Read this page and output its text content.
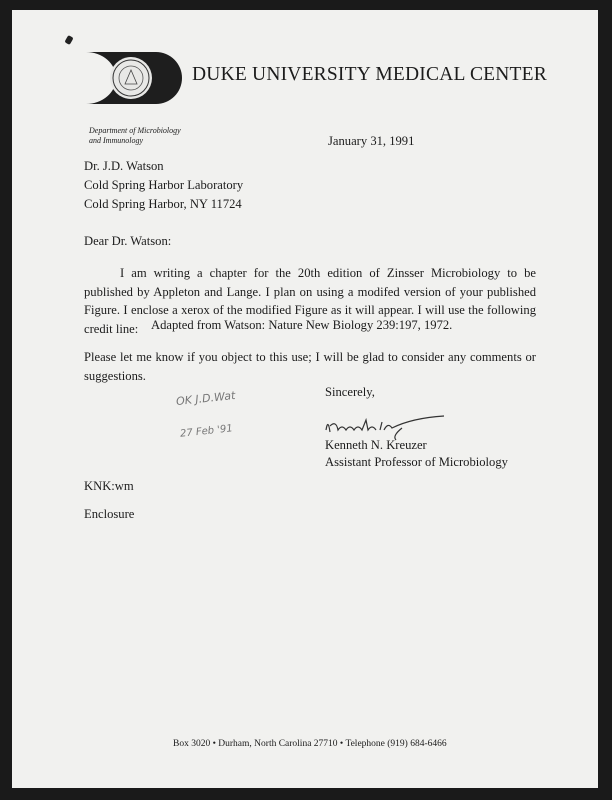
DUKE UNIVERSITY MEDICAL CENTER
Department of Microbiology
and Immunology	January 31, 1991
Dr. J.D. Watson
Cold Spring Harbor Laboratory
Cold Spring Harbor, NY 11724
Dear Dr. Watson:
I am writing a chapter for the 20th edition of Zinsser Microbiology to be published by Appleton and Lange. I plan on using a modifed version of your published Figure. I enclose a xerox of the modified Figure as it will appear. I will use the following credit line:	Adapted from Watson: Nature New Biology 239:197, 1972.
Please let me know if you object to this use; I will be glad to consider any comments or suggestions.
OK J.D.Wat
27 Feb '91
Sincerely,
Kenneth N. Kreuzer
Assistant Professor of Microbiology
KNK:wm
Enclosure
Box 3020 • Durham, North Carolina 27710 • Telephone (919) 684-6466
